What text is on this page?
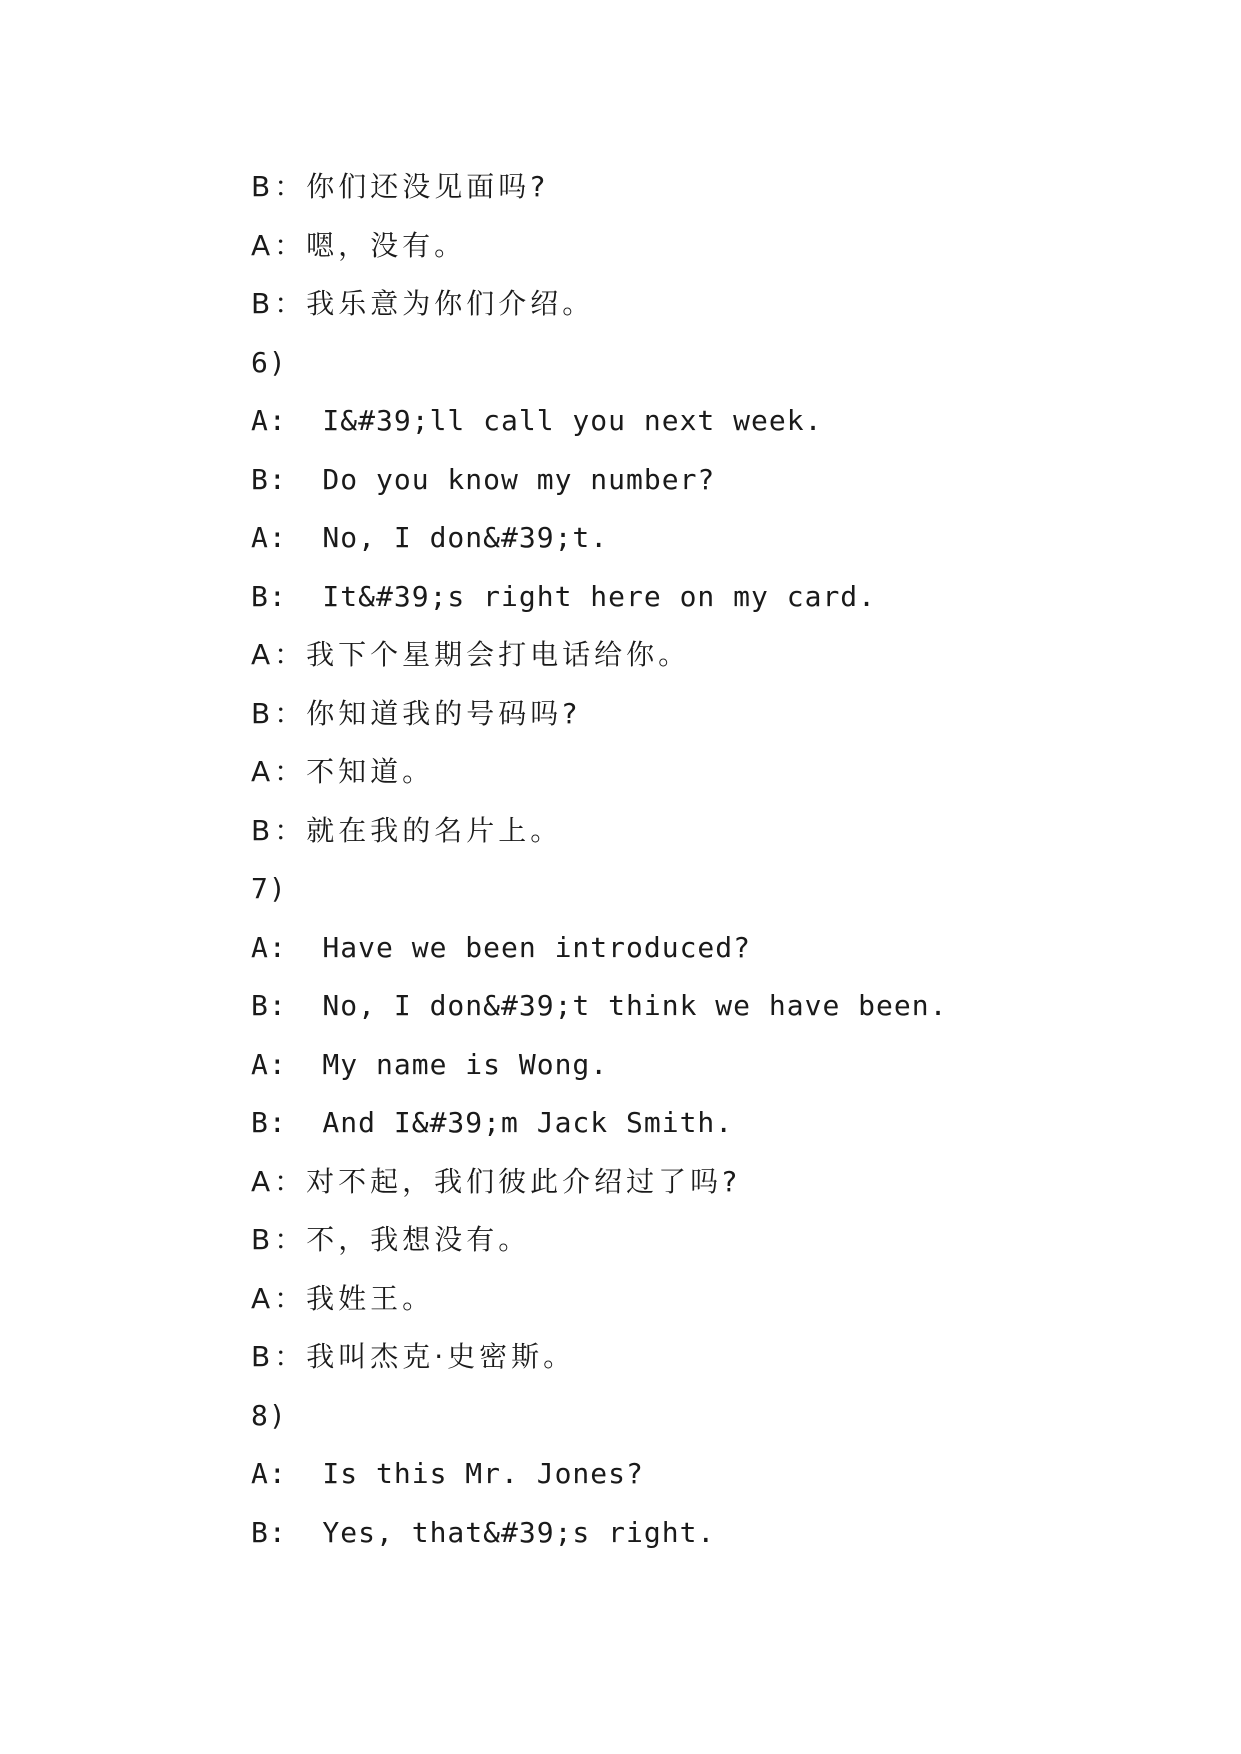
B：你们还没见面吗?
A：嗯，没有。
B：我乐意为你们介绍。
6)
A:  I&#39;ll call you next week.
B:  Do you know my number?
A:  No, I don&#39;t.
B:  It&#39;s right here on my card.
A：我下个星期会打电话给你。
B：你知道我的号码吗?
A：不知道。
B：就在我的名片上。
7)
A:  Have we been introduced?
B:  No, I don&#39;t think we have been.
A:  My name is Wong.
B:  And I&#39;m Jack Smith.
A：对不起，我们彼此介绍过了吗?
B：不，我想没有。
A：我姓王。
B：我叫杰克·史密斯。
8)
A:  Is this Mr. Jones?
B:  Yes, that&#39;s right.
